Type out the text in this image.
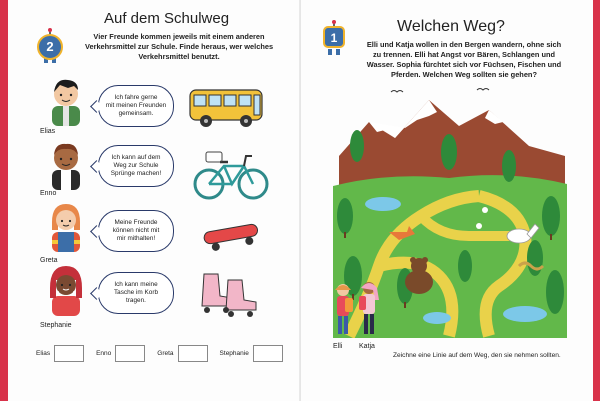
2
Auf dem Schulweg
Vier Freunde kommen jeweils mit einem anderen
Verkehrsmittel zur Schule. Finde heraus, wer welches
Verkehrsmittel benutzt.
Elias
Ich fahre gerne
mit meinen Freunden
gemeinsam.
Enno
Ich kann auf dem
Weg zur Schule
Sprünge machen!
Greta
Meine Freunde
können nicht mit
mir mithalten!
Stephanie
Ich kann meine
Tasche im Korb
tragen.
Elias	Enno	Greta	Stephanie
1
Welchen Weg?
Elli und Katja wollen in den Bergen wandern, ohne sich
zu trennen. Elli hat Angst vor Bären, Schlangen und
Wasser. Sophia fürchtet sich vor Füchsen, Fischen und
Pferden. Welchen Weg sollten sie gehen?
Elli Katja
Zeichne eine Linie auf dem Weg, den sie nehmen sollten.
